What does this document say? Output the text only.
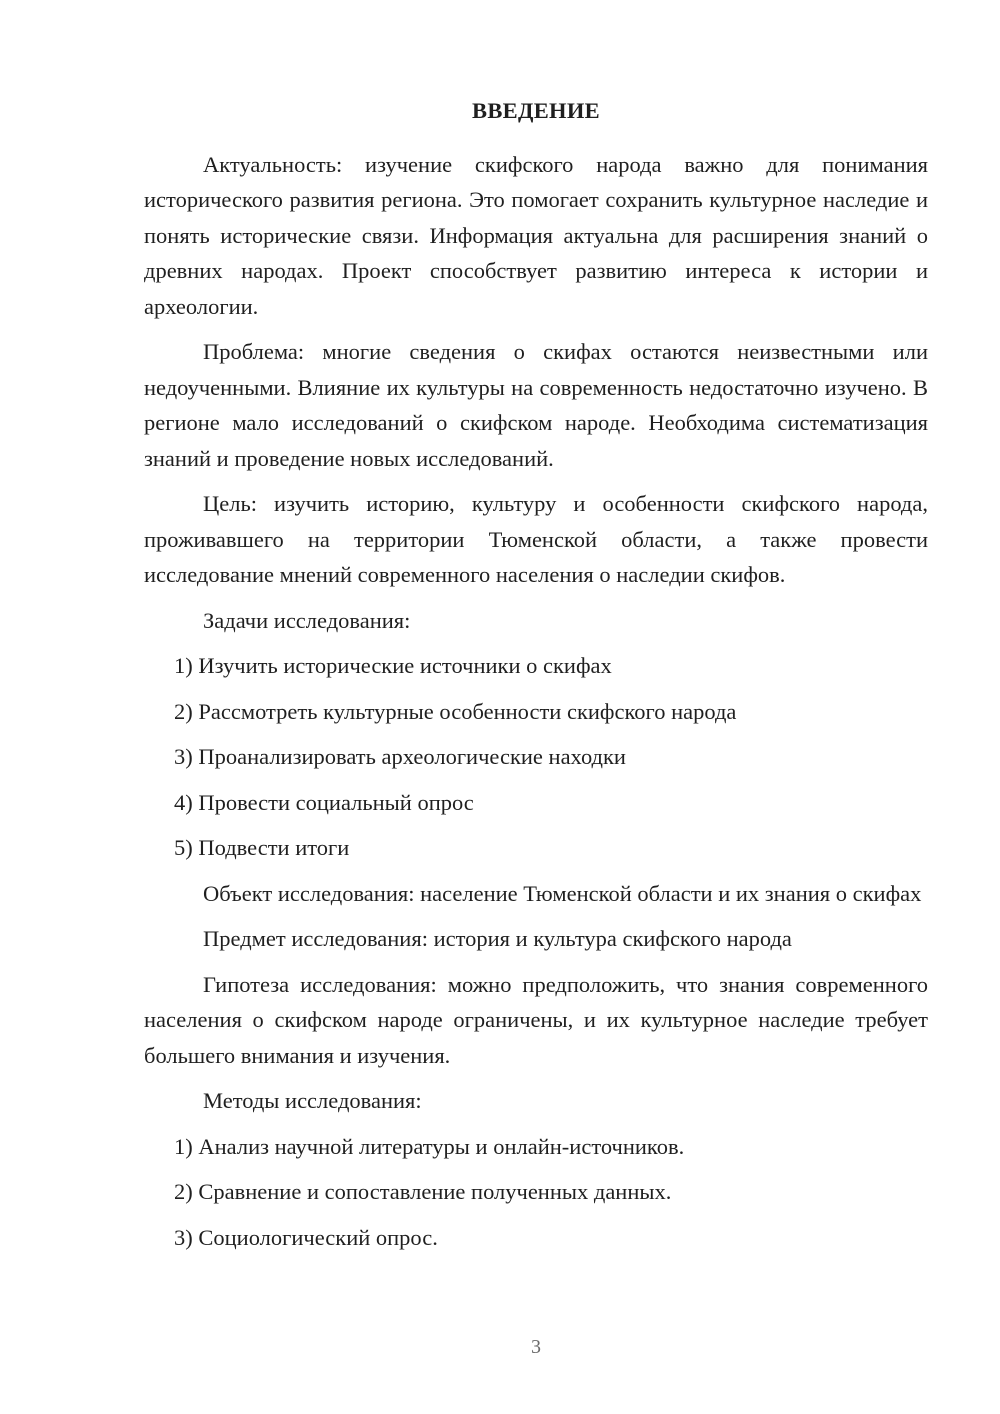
ВВЕДЕНИЕ

Актуальность: изучение скифского народа важно для понимания исторического развития региона. Это помогает сохранить культурное наследие и понять исторические связи. Информация актуальна для расширения знаний о древних народах. Проект способствует развитию интереса к истории и археологии.

Проблема: многие сведения о скифах остаются неизвестными или недоученными. Влияние их культуры на современность недостаточно изучено. В регионе мало исследований о скифском народе. Необходима систематизация знаний и проведение новых исследований.

Цель: изучить историю, культуру и особенности скифского народа, проживавшего на территории Тюменской области, а также провести исследование мнений современного населения о наследии скифов.

Задачи исследования:

1) Изучить исторические источники о скифах
2) Рассмотреть культурные особенности скифского народа
3) Проанализировать археологические находки
4) Провести социальный опрос
5) Подвести итоги

Объект исследования: население Тюменской области и их знания о скифах

Предмет исследования: история и культура скифского народа

Гипотеза исследования: можно предположить, что знания современного населения о скифском народе ограничены, и их культурное наследие требует большего внимания и изучения.

Методы исследования:

1) Анализ научной литературы и онлайн-источников.
2) Сравнение и сопоставление полученных данных.
3) Социологический опрос.
3
